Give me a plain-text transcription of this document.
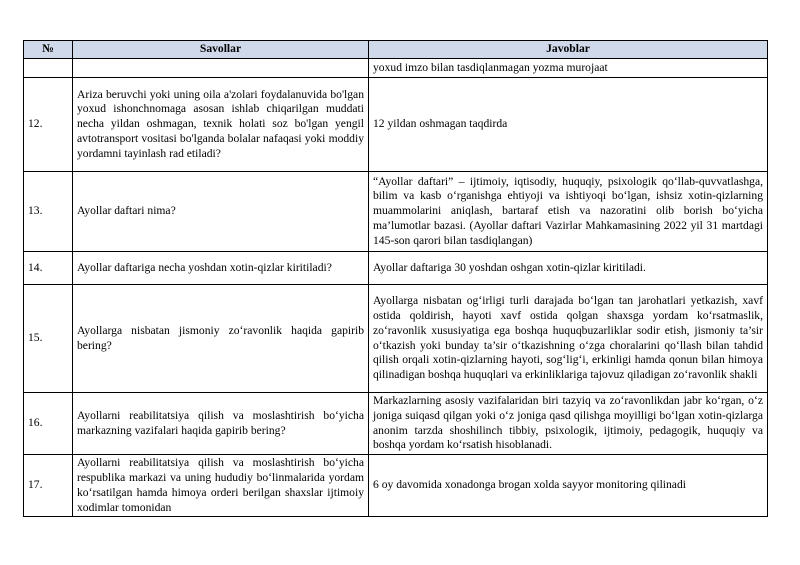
№	Savollar	Javoblar
		yoxud imzo bilan tasdiqlanmagan yozma murojaat
12.	Ariza beruvchi yoki uning oila a'zolari foydalanuvida bo'lgan yoxud ishonchnomaga asosan ishlab chiqarilgan muddati necha yildan oshmagan, texnik holati soz bo'lgan yengil avtotransport vositasi bo'lganda bolalar nafaqasi yoki moddiy yordamni tayinlash rad etiladi?	12 yildan oshmagan taqdirda
13.	Ayollar daftari nima?	“Ayollar daftari” – ijtimoiy, iqtisodiy, huquqiy, psixologik qo‘llab-quvvatlashga, bilim va kasb o‘rganishga ehtiyoji va ishtiyoqi bo‘lgan, ishsiz xotin-qizlarning muammolarini aniqlash, bartaraf etish va nazoratini olib borish bo‘yicha ma’lumotlar bazasi. (Ayollar daftari Vazirlar Mahkamasining 2022 yil 31 martdagi 145-son qarori bilan tasdiqlangan)
14.	Ayollar daftariga necha yoshdan xotin-qizlar kiritiladi?	Ayollar daftariga 30 yoshdan oshgan xotin-qizlar kiritiladi.
15.	Ayollarga nisbatan jismoniy zo‘ravonlik haqida gapirib bering?	Ayollarga nisbatan og‘irligi turli darajada bo‘lgan tan jarohatlari yetkazish, xavf ostida qoldirish, hayoti xavf ostida qolgan shaxsga yordam ko‘rsatmaslik, zo‘ravonlik xususiyatiga ega boshqa huquqbuzarliklar sodir etish, jismoniy ta’sir o‘tkazish yoki bunday ta’sir o‘tkazishning o‘zga choralarini qo‘llash bilan tahdid qilish orqali xotin-qizlarning hayoti, sog‘lig‘i, erkinligi hamda qonun bilan himoya qilinadigan boshqa huquqlari va erkinliklariga tajovuz qiladigan zo‘ravonlik shakli
16.	Ayollarni reabilitatsiya qilish va moslashtirish bo‘yicha markazning vazifalari haqida gapirib bering?	Markazlarning asosiy vazifalaridan biri tazyiq va zo‘ravonlikdan jabr ko‘rgan, o‘z joniga suiqasd qilgan yoki o‘z joniga qasd qilishga moyilligi bo‘lgan xotin-qizlarga anonim tarzda shoshilinch tibbiy, psixologik, ijtimoiy, pedagogik, huquqiy va boshqa yordam ko‘rsatish hisoblanadi.
17.	Ayollarni reabilitatsiya qilish va moslashtirish bo‘yicha respublika markazi va uning hududiy bo‘linmalarida yordam ko‘rsatilgan hamda himoya orderi berilgan shaxslar ijtimoiy xodimlar tomonidan	6 oy davomida xonadonga brogan xolda sayyor monitoring qilinadi
